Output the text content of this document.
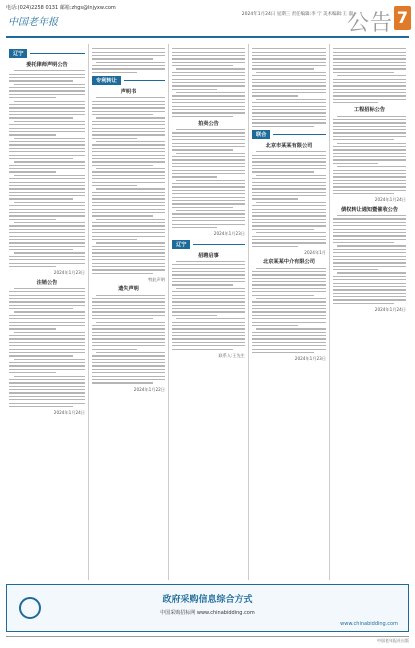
电话:(024)2258 0131 邮箱:zhgs@lnjyxw.com
中国老年报
2024年1月24日 星期三 责任编辑:李 宁 美术编辑:王 淑
公告 7
辽宁
委托律师声明公告
2024年1月23日
注销公告
2024年1月24日
专利转让
声明书
特此声明
遗失声明
2024年1月22日
拍卖公告
2024年1月23日
辽宁
招聘启事
联系人:王先生
联合
北京市某某有限公司
2024年1月
北京某某中介有限公司
2024年1月23日
工程招标公告
2024年1月24日
债权转让通知暨催收公告
2024年1月24日
政府采购信息综合方式
中国采购招标网 www.chinabidding.com
www.chinabidding.com
中国老年报社出版
